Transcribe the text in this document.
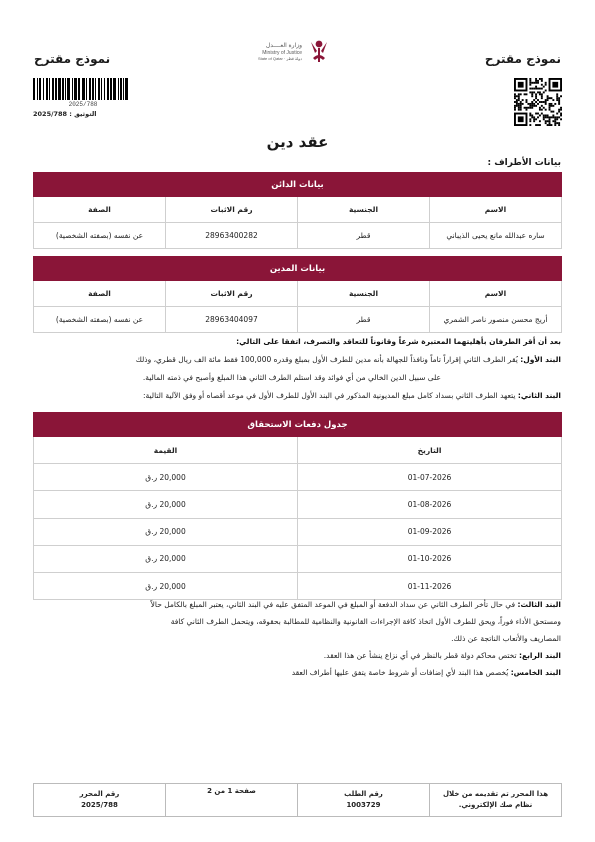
نموذج مقترح
نموذج مقترح
وزارة العــــدل
Ministry of Justice
State of Qatar · دولة قطر
2025/788
التوثيق : 2025/788
عقد دين
بيانات الأطراف :
بيانات الدائن			
الاسم	الجنسية	رقم الاثبات	الصفة
ساره عبدالله مانع يحيى الذيباني	قطر	28963400282	عن نفسه (بصفته الشخصية)
بيانات المدين			
الاسم	الجنسية	رقم الاثبات	الصفة
أريج محسن منصور ناصر الشمري	قطر	28963404097	عن نفسه (بصفته الشخصية)
بعد أن أقر الطرفان بأهليتهما المعتبرة شرعاً وقانوناً للتعاقد والتصرف، اتفقا على التالي:
البند الأول: يُقر الطرف الثاني إقراراً تاماً ونافذاً للجهالة بأنه مدين للطرف الأول بمبلغ وقدره 100,000 فقط مائة الف ريال قطري، وذلك
على سبيل الدين الخالي من أي فوائد وقد استلم الطرف الثاني هذا المبلغ وأصبح في ذمته المالية.
البند الثاني: يتعهد الطرف الثاني بسداد كامل مبلغ المديونية المذكور في البند الأول للطرف الأول في موعد أقصاه أو وفق الآلية التالية:
جدول دفعات الاستحقاق	
التاريخ	القيمة
01-07-2026	20,000 ر.ق
01-08-2026	20,000 ر.ق
01-09-2026	20,000 ر.ق
01-10-2026	20,000 ر.ق
01-11-2026	20,000 ر.ق
البند الثالث: في حال تأخر الطرف الثاني عن سداد الدفعة أو المبلغ في الموعد المتفق عليه في البند الثاني، يعتبر المبلغ بالكامل حالاً
ومستحق الأداء فوراً، ويحق للطرف الأول اتخاذ كافة الإجراءات القانونية والنظامية للمطالبة بحقوقه، ويتحمل الطرف الثاني كافة
المصاريف والأتعاب الناتجة عن ذلك.
البند الرابع: تختص محاكم دولة قطر بالنظر في أي نزاع ينشأ عن هذا العقد.
البند الخامس: يُخصص هذا البند لأي إضافات أو شروط خاصة يتفق عليها أطراف العقد
هذا المحرر تم تقديمه من خلال نظام صك الإلكتروني.

رقم الطلب
1003729

صفحة 1 من 2

رقم المحرر
2025/788
